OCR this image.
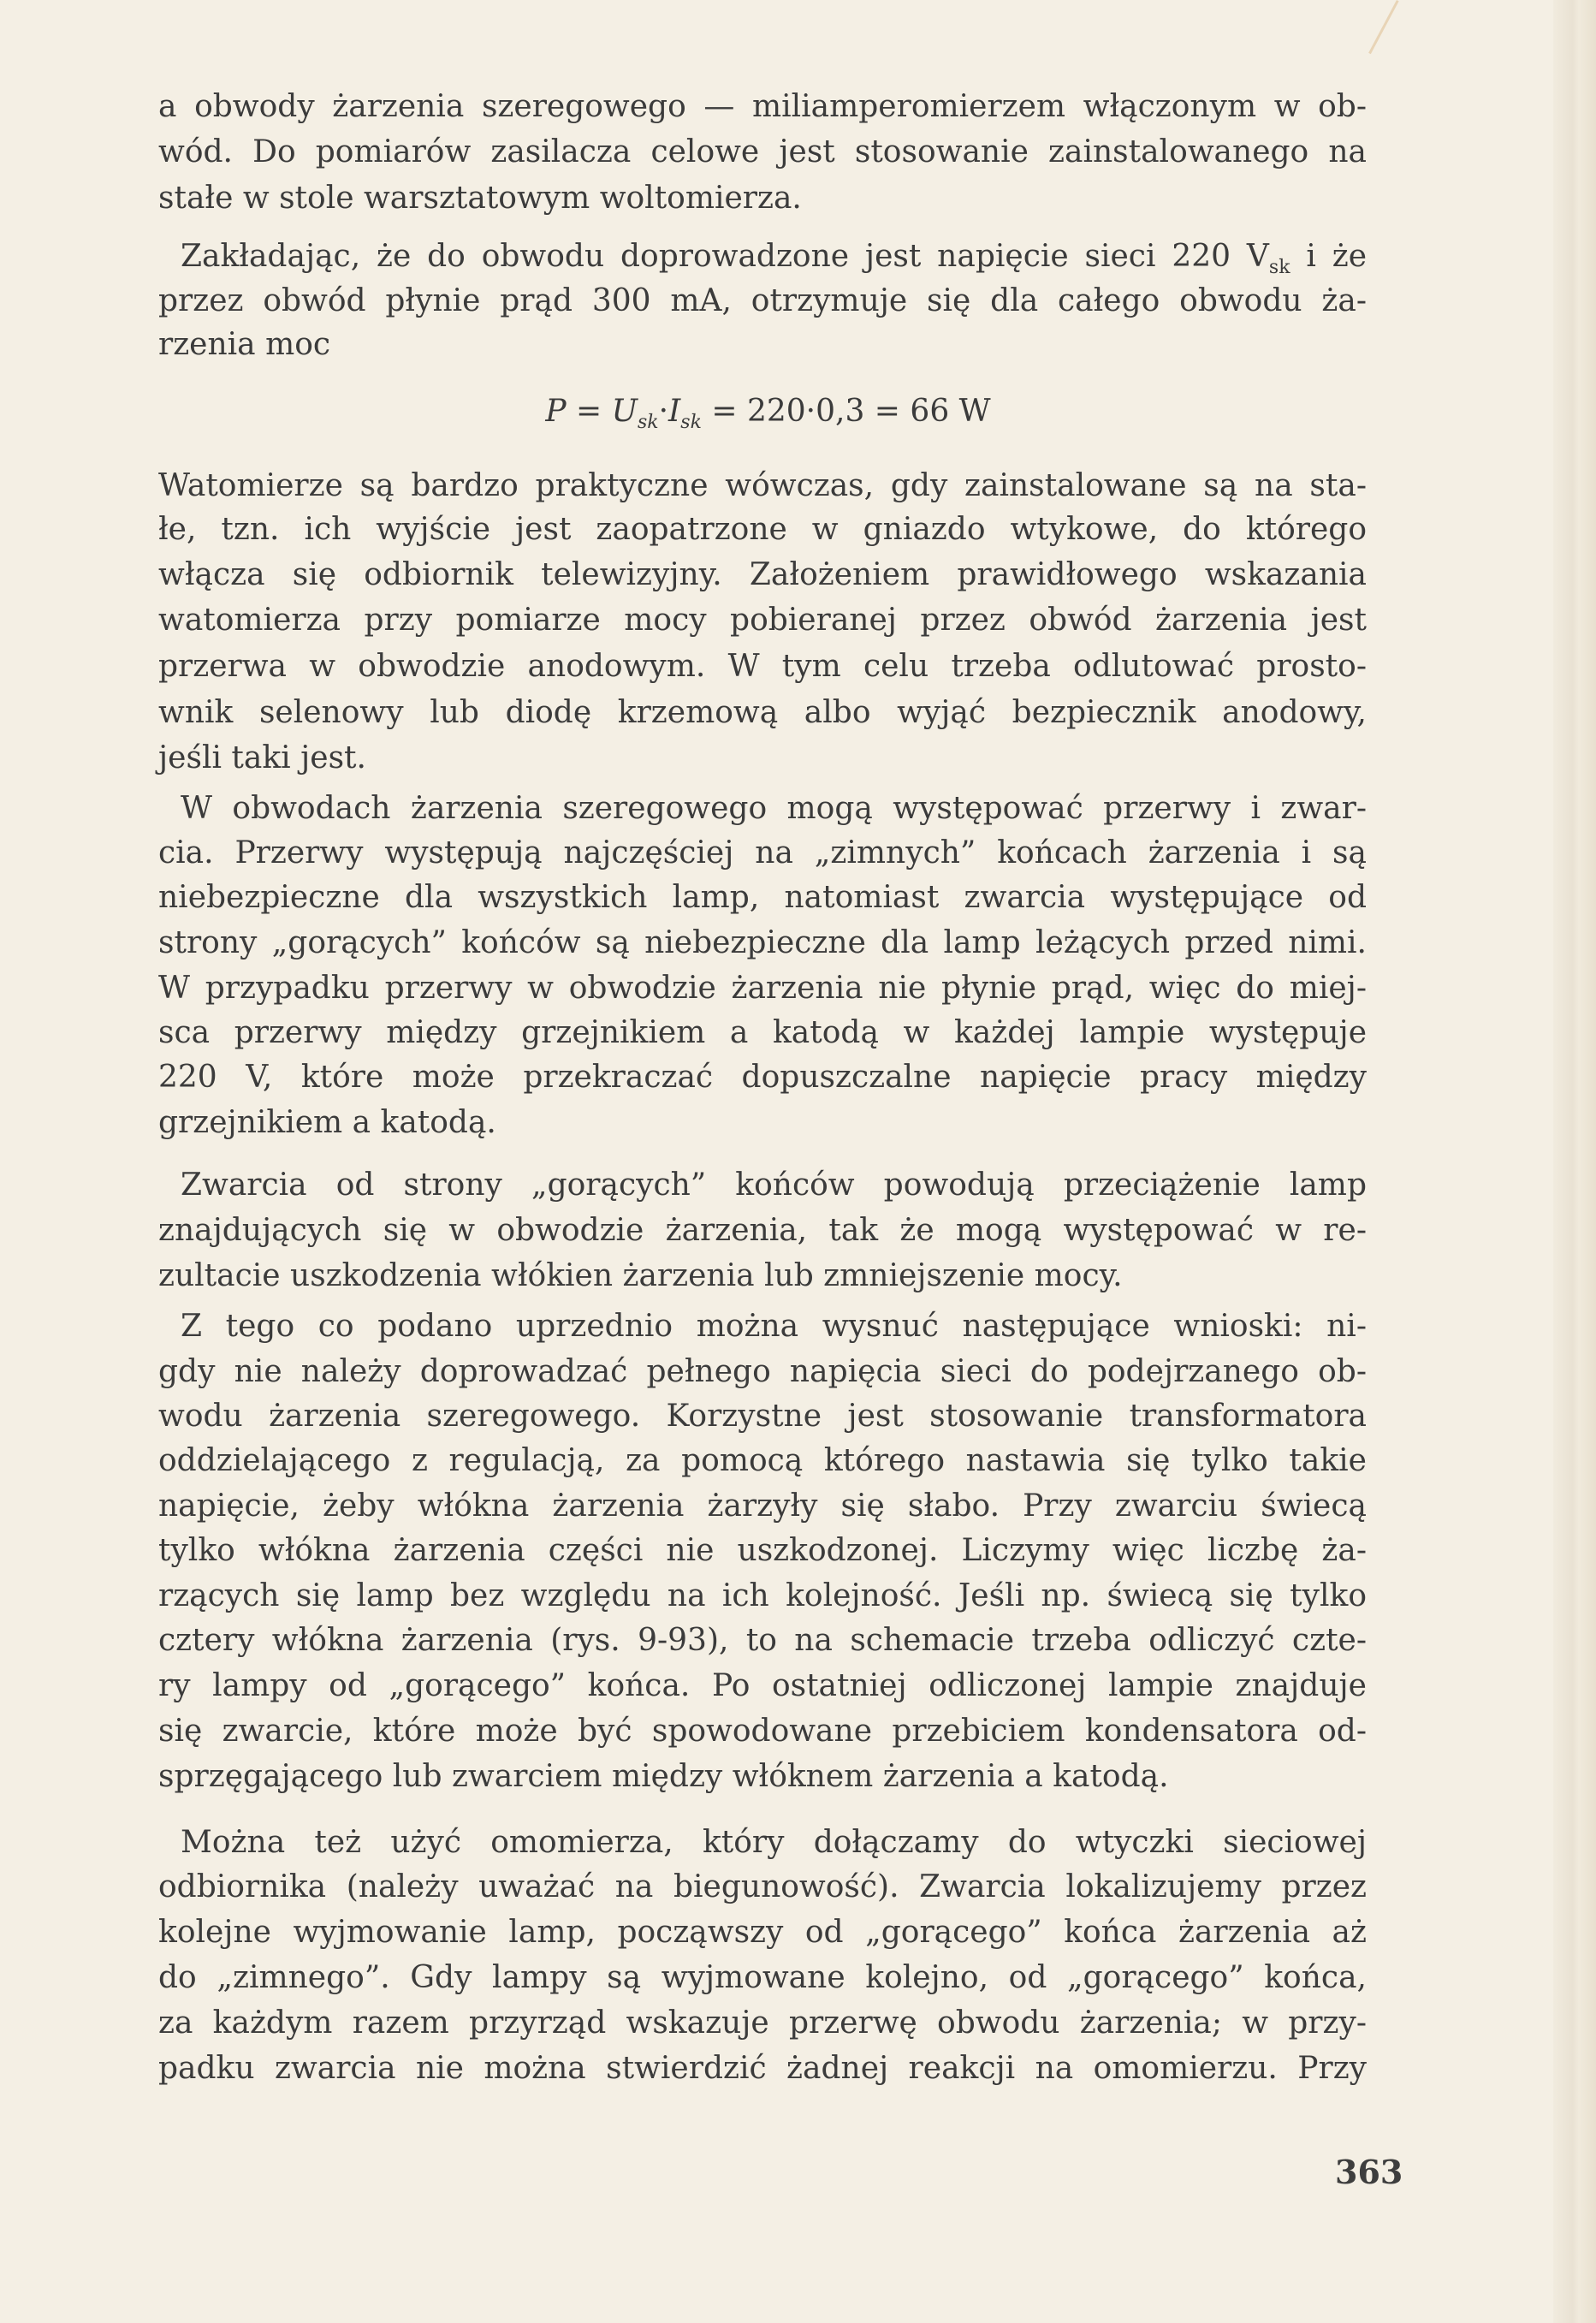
a obwody żarzenia szeregowego — miliamperomierzem włączonym w ob-
wód. Do pomiarów zasilacza celowe jest stosowanie zainstalowanego na
stałe w stole warsztatowym woltomierza.
Zakładając, że do obwodu doprowadzone jest napięcie sieci 220 $V_{sk}$ i że
przez obwód płynie prąd 300 mA, otrzymuje się dla całego obwodu ża-
rzenia moc
$P = U_{sk}\cdot I_{sk} = 220\cdot 0,3 = 66$ W
Watomierze są bardzo praktyczne wówczas, gdy zainstalowane są na sta-
łe, tzn. ich wyjście jest zaopatrzone w gniazdo wtykowe, do którego
włącza się odbiornik telewizyjny. Założeniem prawidłowego wskazania
watomierza przy pomiarze mocy pobieranej przez obwód żarzenia jest
przerwa w obwodzie anodowym. W tym celu trzeba odlutować prosto-
wnik selenowy lub diodę krzemową albo wyjąć bezpiecznik anodowy,
jeśli taki jest.
W obwodach żarzenia szeregowego mogą występować przerwy i zwar-
cia. Przerwy występują najczęściej na „zimnych” końcach żarzenia i są
niebezpieczne dla wszystkich lamp, natomiast zwarcia występujące od
strony „gorących” końców są niebezpieczne dla lamp leżących przed nimi.
W przypadku przerwy w obwodzie żarzenia nie płynie prąd, więc do miej-
sca przerwy między grzejnikiem a katodą w każdej lampie występuje
220 V, które może przekraczać dopuszczalne napięcie pracy między
grzejnikiem a katodą.
Zwarcia od strony „gorących” końców powodują przeciążenie lamp
znajdujących się w obwodzie żarzenia, tak że mogą występować w re-
zultacie uszkodzenia włókien żarzenia lub zmniejszenie mocy.
Z tego co podano uprzednio można wysnuć następujące wnioski: ni-
gdy nie należy doprowadzać pełnego napięcia sieci do podejrzanego ob-
wodu żarzenia szeregowego. Korzystne jest stosowanie transformatora
oddzielającego z regulacją, za pomocą którego nastawia się tylko takie
napięcie, żeby włókna żarzenia żarzyły się słabo. Przy zwarciu świecą
tylko włókna żarzenia części nie uszkodzonej. Liczymy więc liczbę ża-
rzących się lamp bez względu na ich kolejność. Jeśli np. świecą się tylko
cztery włókna żarzenia (rys. 9-93), to na schemacie trzeba odliczyć czte-
ry lampy od „gorącego” końca. Po ostatniej odliczonej lampie znajduje
się zwarcie, które może być spowodowane przebiciem kondensatora od-
sprzęgającego lub zwarciem między włóknem żarzenia a katodą.
Można też użyć omomierza, który dołączamy do wtyczki sieciowej
odbiornika (należy uważać na biegunowość). Zwarcia lokalizujemy przez
kolejne wyjmowanie lamp, począwszy od „gorącego” końca żarzenia aż
do „zimnego”. Gdy lampy są wyjmowane kolejno, od „gorącego” końca,
za każdym razem przyrząd wskazuje przerwę obwodu żarzenia; w przy-
padku zwarcia nie można stwierdzić żadnej reakcji na omomierzu. Przy
363
